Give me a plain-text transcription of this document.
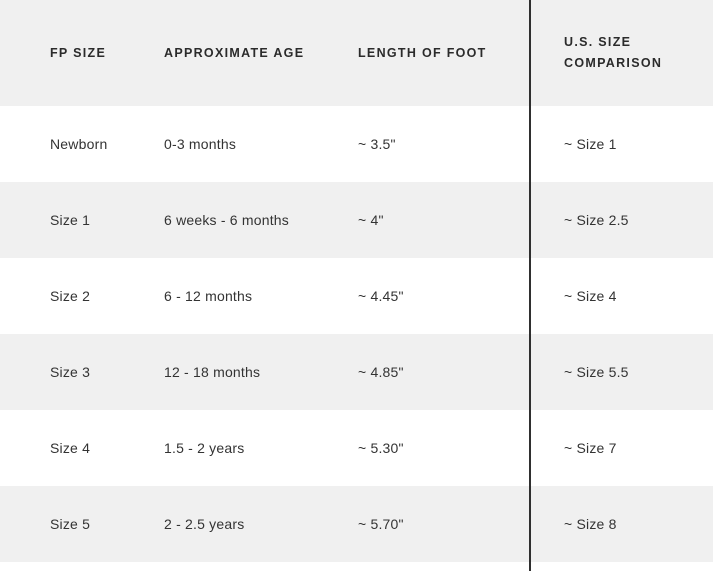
FP SIZE	APPROXIMATE AGE	LENGTH OF FOOT	U.S. SIZE
COMPARISON

Newborn	0-3 months	~ 3.5"	~ Size 1
Size 1	6 weeks - 6 months	~ 4"	~ Size 2.5
Size 2	6 - 12 months	~ 4.45"	~ Size 4
Size 3	12 - 18 months	~ 4.85"	~ Size 5.5
Size 4	1.5 - 2 years	~ 5.30"	~ Size 7
Size 5	2 - 2.5 years	~ 5.70"	~ Size 8
